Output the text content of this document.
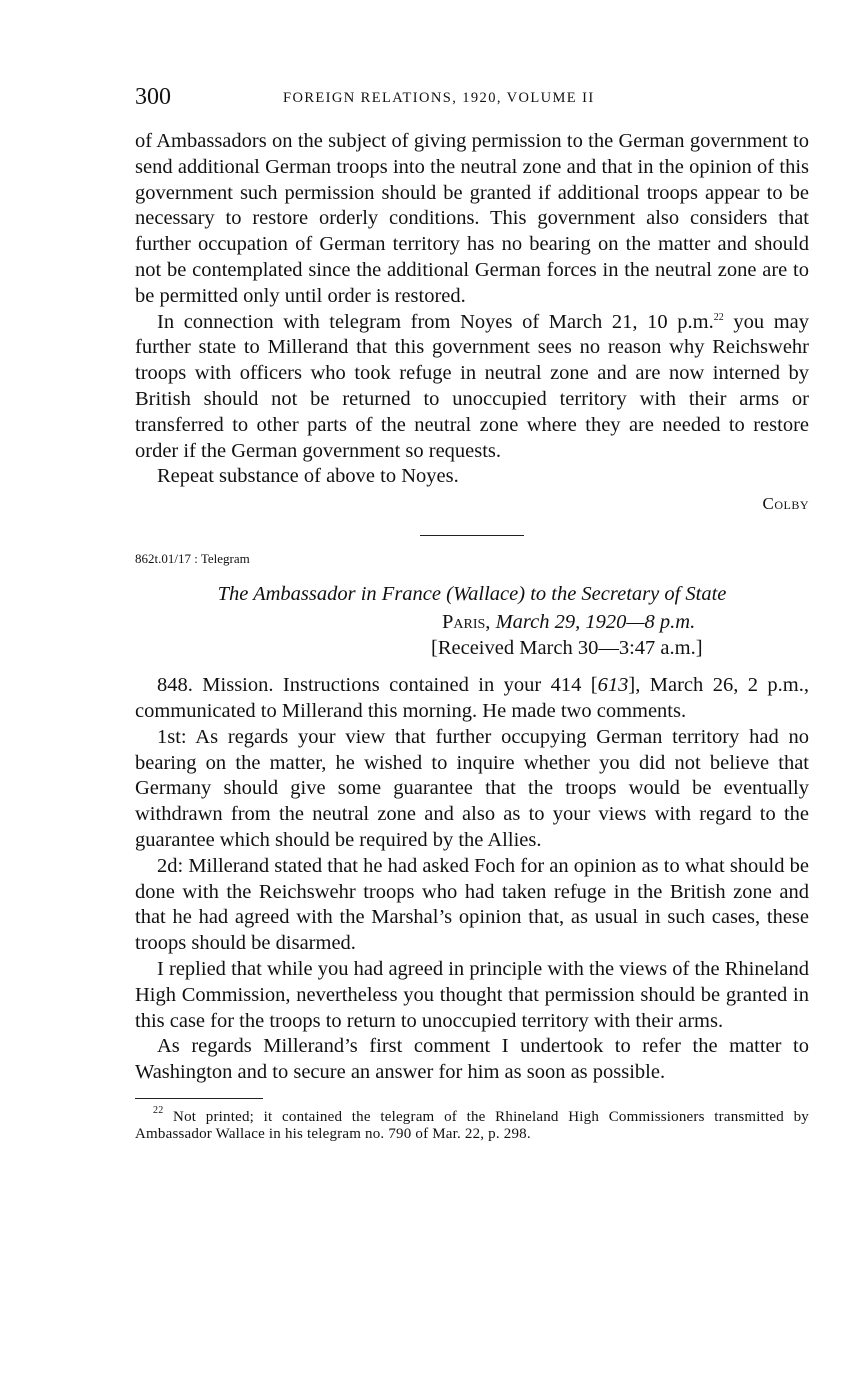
300	FOREIGN RELATIONS, 1920, VOLUME II

of Ambassadors on the subject of giving permission to the German government to send additional German troops into the neutral zone and that in the opinion of this government such permission should be granted if additional troops appear to be necessary to restore orderly conditions. This government also considers that further occupation of German territory has no bearing on the matter and should not be contemplated since the additional German forces in the neutral zone are to be permitted only until order is restored.

In connection with telegram from Noyes of March 21, 10 p.m.$^{22}$ you may further state to Millerand that this government sees no reason why Reichswehr troops with officers who took refuge in neutral zone and are now interned by British should not be returned to unoccupied territory with their arms or transferred to other parts of the neutral zone where they are needed to restore order if the German government so requests.

Repeat substance of above to Noyes.

Colby
862t.01/17 : Telegram
The Ambassador in France (Wallace) to the Secretary of State
Paris, March 29, 1920—8 p.m.
[Received March 30—3:47 a.m.]

848. Mission. Instructions contained in your 414 [613], March 26, 2 p.m., communicated to Millerand this morning. He made two comments.

1st: As regards your view that further occupying German territory had no bearing on the matter, he wished to inquire whether you did not believe that Germany should give some guarantee that the troops would be eventually withdrawn from the neutral zone and also as to your views with regard to the guarantee which should be required by the Allies.

2d: Millerand stated that he had asked Foch for an opinion as to what should be done with the Reichswehr troops who had taken refuge in the British zone and that he had agreed with the Marshal’s opinion that, as usual in such cases, these troops should be disarmed.

I replied that while you had agreed in principle with the views of the Rhineland High Commission, nevertheless you thought that permission should be granted in this case for the troops to return to unoccupied territory with their arms.

As regards Millerand’s first comment I undertook to refer the matter to Washington and to secure an answer for him as soon as possible.

$^{22}$ Not printed; it contained the telegram of the Rhineland High Commissioners transmitted by Ambassador Wallace in his telegram no. 790 of Mar. 22, p. 298.
